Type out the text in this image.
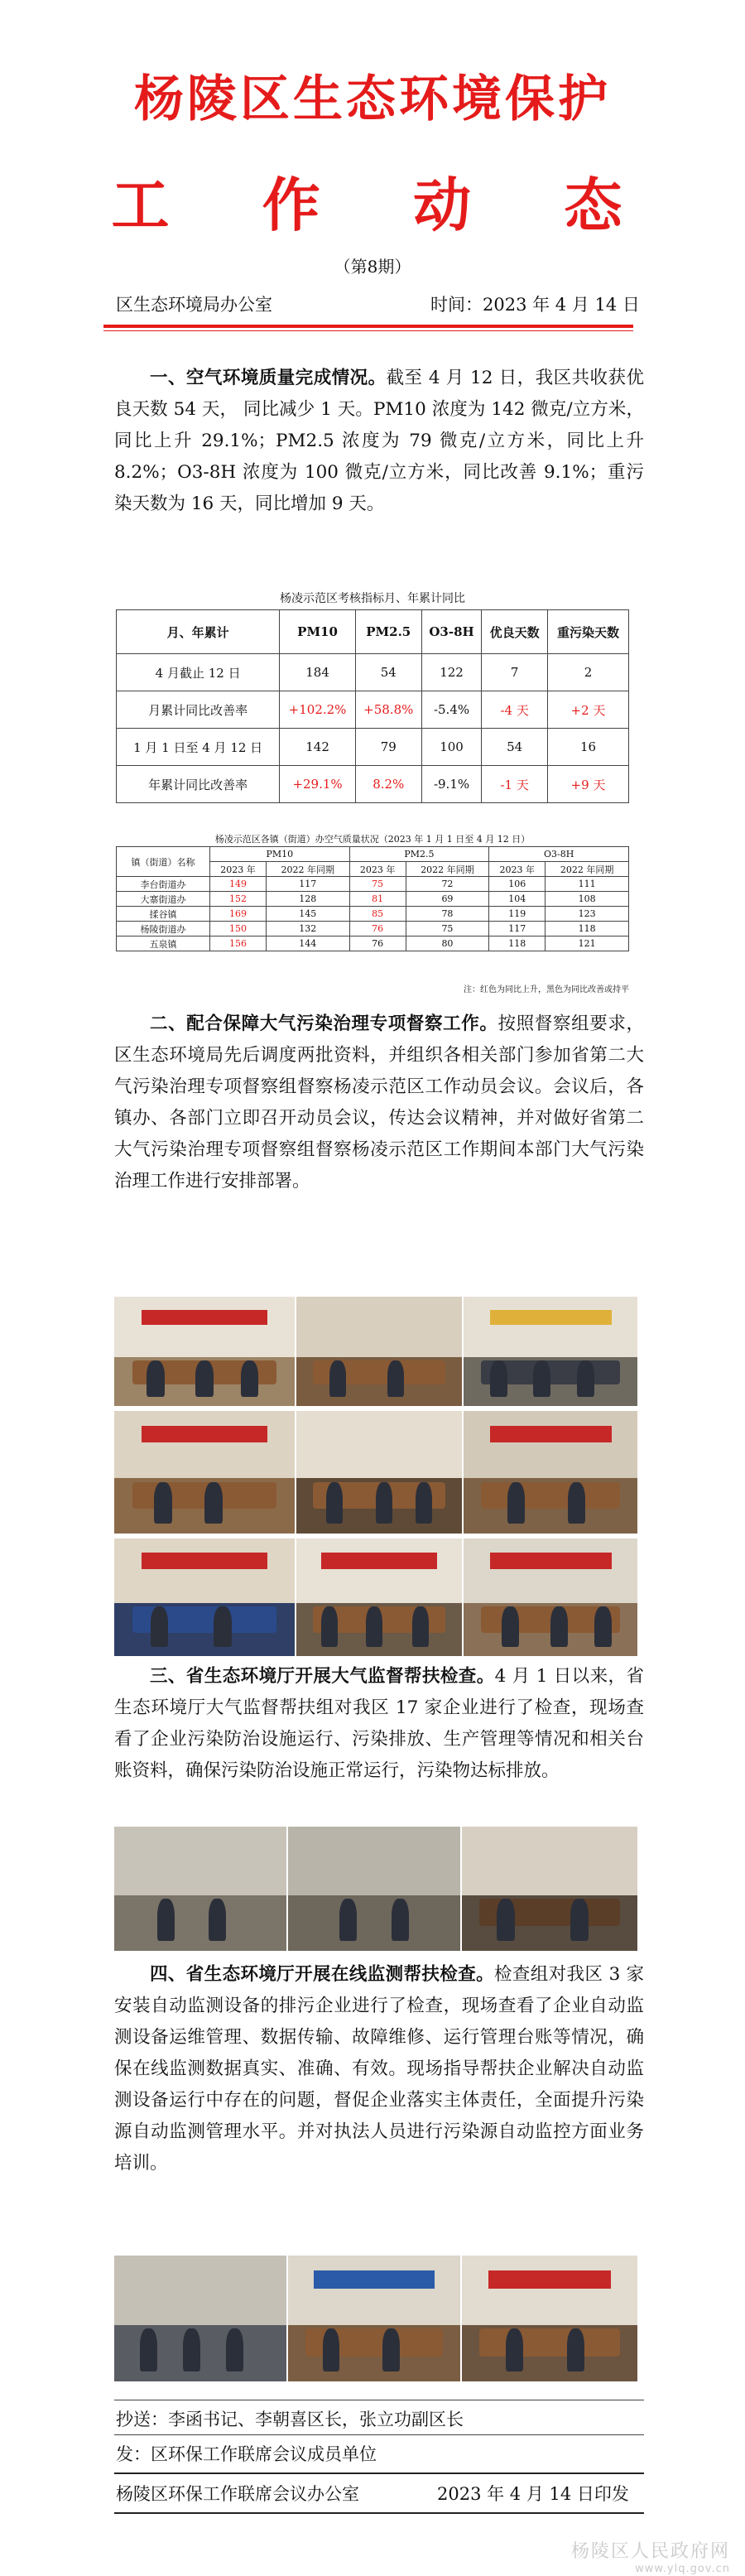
杨陵区生态环境保护
工 作 动 态
（第8期）
区生态环境局办公室	时间：2023 年 4 月 14 日
一、空气环境质量完成情况。截至 4 月 12 日，我区共收获优良天数 54 天， 同比减少 1 天。PM10 浓度为 142 微克/立方米，同比上升 29.1%；PM2.5 浓度为 79 微克/立方米，同比上升 8.2%；O3-8H 浓度为 100 微克/立方米，同比改善 9.1%；重污染天数为 16 天，同比增加 9 天。
杨凌示范区考核指标月、年累计同比
月、年累计	PM10	PM2.5	O3-8H	优良天数	重污染天数
4 月截止 12 日	184	54	122	7	2
月累计同比改善率	+102.2%	+58.8%	-5.4%	-4 天	+2 天
1 月 1 日至 4 月 12 日	142	79	100	54	16
年累计同比改善率	+29.1%	8.2%	-9.1%	-1 天	+9 天
杨凌示范区各镇（街道）办空气质量状况（2023 年 1 月 1 日至 4 月 12 日）
镇（街道）名称	PM10		PM2.5		O3-8H	
	2023 年	2022 年同期	2023 年	2022 年同期	2023 年	2022 年同期
李台街道办	149	117	75	72	106	111
大寨街道办	152	128	81	69	104	108
揉谷镇	169	145	85	78	119	123
杨陵街道办	150	132	76	75	117	118
五泉镇	156	144	76	80	118	121
注：红色为同比上升，黑色为同比改善或持平
二、配合保障大气污染治理专项督察工作。按照督察组要求，区生态环境局先后调度两批资料，并组织各相关部门参加省第二大气污染治理专项督察组督察杨凌示范区工作动员会议。会议后，各镇办、各部门立即召开动员会议，传达会议精神，并对做好省第二大气污染治理专项督察组督察杨凌示范区工作期间本部门大气污染治理工作进行安排部署。
三、省生态环境厅开展大气监督帮扶检查。4 月 1 日以来，省生态环境厅大气监督帮扶组对我区 17 家企业进行了检查，现场查看了企业污染防治设施运行、污染排放、生产管理等情况和相关台账资料，确保污染防治设施正常运行，污染物达标排放。
四、省生态环境厅开展在线监测帮扶检查。检查组对我区 3 家安装自动监测设备的排污企业进行了检查，现场查看了企业自动监测设备运维管理、数据传输、故障维修、运行管理台账等情况，确保在线监测数据真实、准确、有效。现场指导帮扶企业解决自动监测设备运行中存在的问题，督促企业落实主体责任，全面提升污染源自动监测管理水平。并对执法人员进行污染源自动监控方面业务培训。
抄送：李函书记、李朝喜区长，张立功副区长
发：区环保工作联席会议成员单位
杨陵区环保工作联席会议办公室	2023 年 4 月 14 日印发
杨陵区人民政府网
www.ylq.gov.cn
